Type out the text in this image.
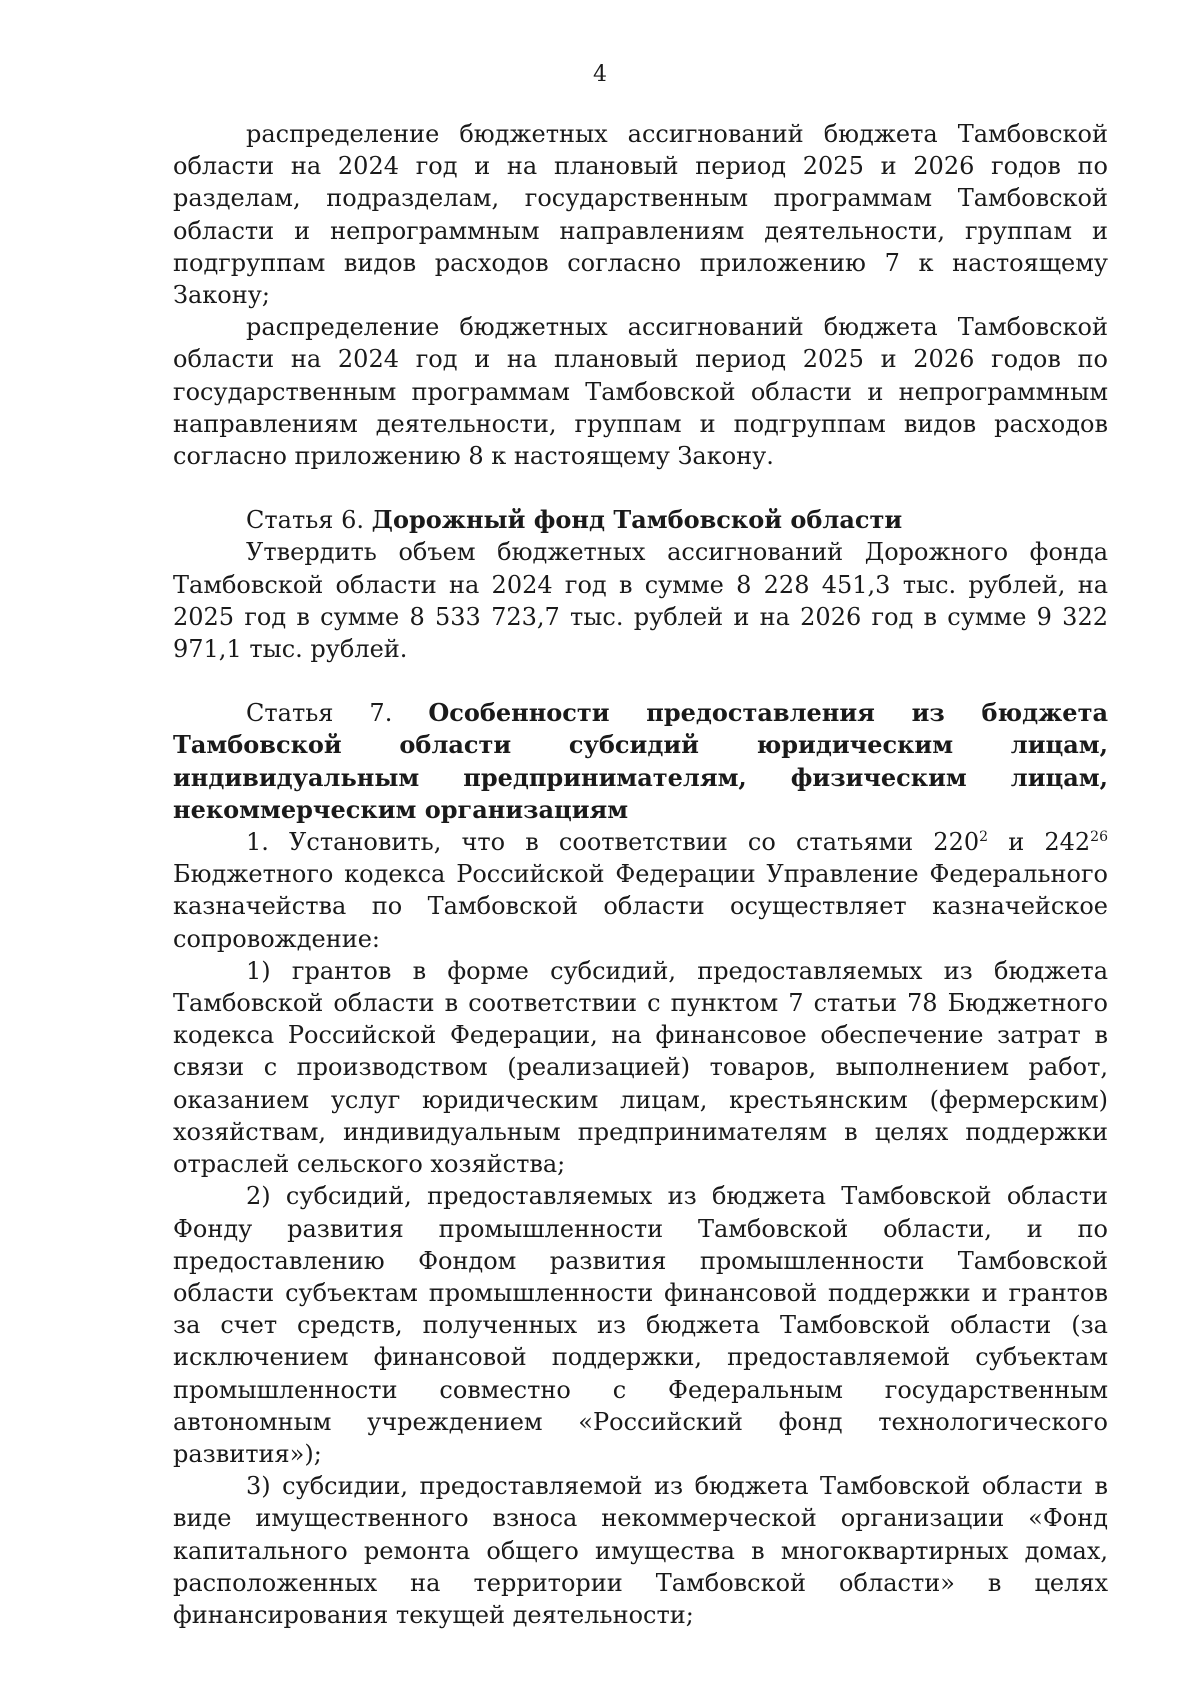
4

распределение бюджетных ассигнований бюджета Тамбовской области на 2024 год и на плановый период 2025 и 2026 годов по разделам, подразделам, государственным программам Тамбовской области и непрограммным направлениям деятельности, группам и подгруппам видов расходов согласно приложению 7 к настоящему Закону;

распределение бюджетных ассигнований бюджета Тамбовской области на 2024 год и на плановый период 2025 и 2026 годов по государственным программам Тамбовской области и непрограммным направлениям деятельности, группам и подгруппам видов расходов согласно приложению 8 к настоящему Закону.

Статья 6. Дорожный фонд Тамбовской области

Утвердить объем бюджетных ассигнований Дорожного фонда Тамбовской области на 2024 год в сумме 8 228 451,3 тыс. рублей, на 2025 год в сумме 8 533 723,7 тыс. рублей и на 2026 год в сумме 9 322 971,1 тыс. рублей.

Статья 7. Особенности предоставления из бюджета Тамбовской области субсидий юридическим лицам, индивидуальным предпринимателям, физическим лицам, некоммерческим организациям

1. Установить, что в соответствии со статьями $220^2$ и $242^{26}$ Бюджетного кодекса Российской Федерации Управление Федерального казначейства по Тамбовской области осуществляет казначейское сопровождение:

1) грантов в форме субсидий, предоставляемых из бюджета Тамбовской области в соответствии с пунктом 7 статьи 78 Бюджетного кодекса Российской Федерации, на финансовое обеспечение затрат в связи с производством (реализацией) товаров, выполнением работ, оказанием услуг юридическим лицам, крестьянским (фермерским) хозяйствам, индивидуальным предпринимателям в целях поддержки отраслей сельского хозяйства;

2) субсидий, предоставляемых из бюджета Тамбовской области Фонду развития промышленности Тамбовской области, и по предоставлению Фондом развития промышленности Тамбовской области субъектам промышленности финансовой поддержки и грантов за счет средств, полученных из бюджета Тамбовской области (за исключением финансовой поддержки, предоставляемой субъектам промышленности совместно с Федеральным государственным автономным учреждением «Российский фонд технологического развития»);

3) субсидии, предоставляемой из бюджета Тамбовской области в виде имущественного взноса некоммерческой организации «Фонд капитального ремонта общего имущества в многоквартирных домах, расположенных на территории Тамбовской области» в целях финансирования текущей деятельности;
